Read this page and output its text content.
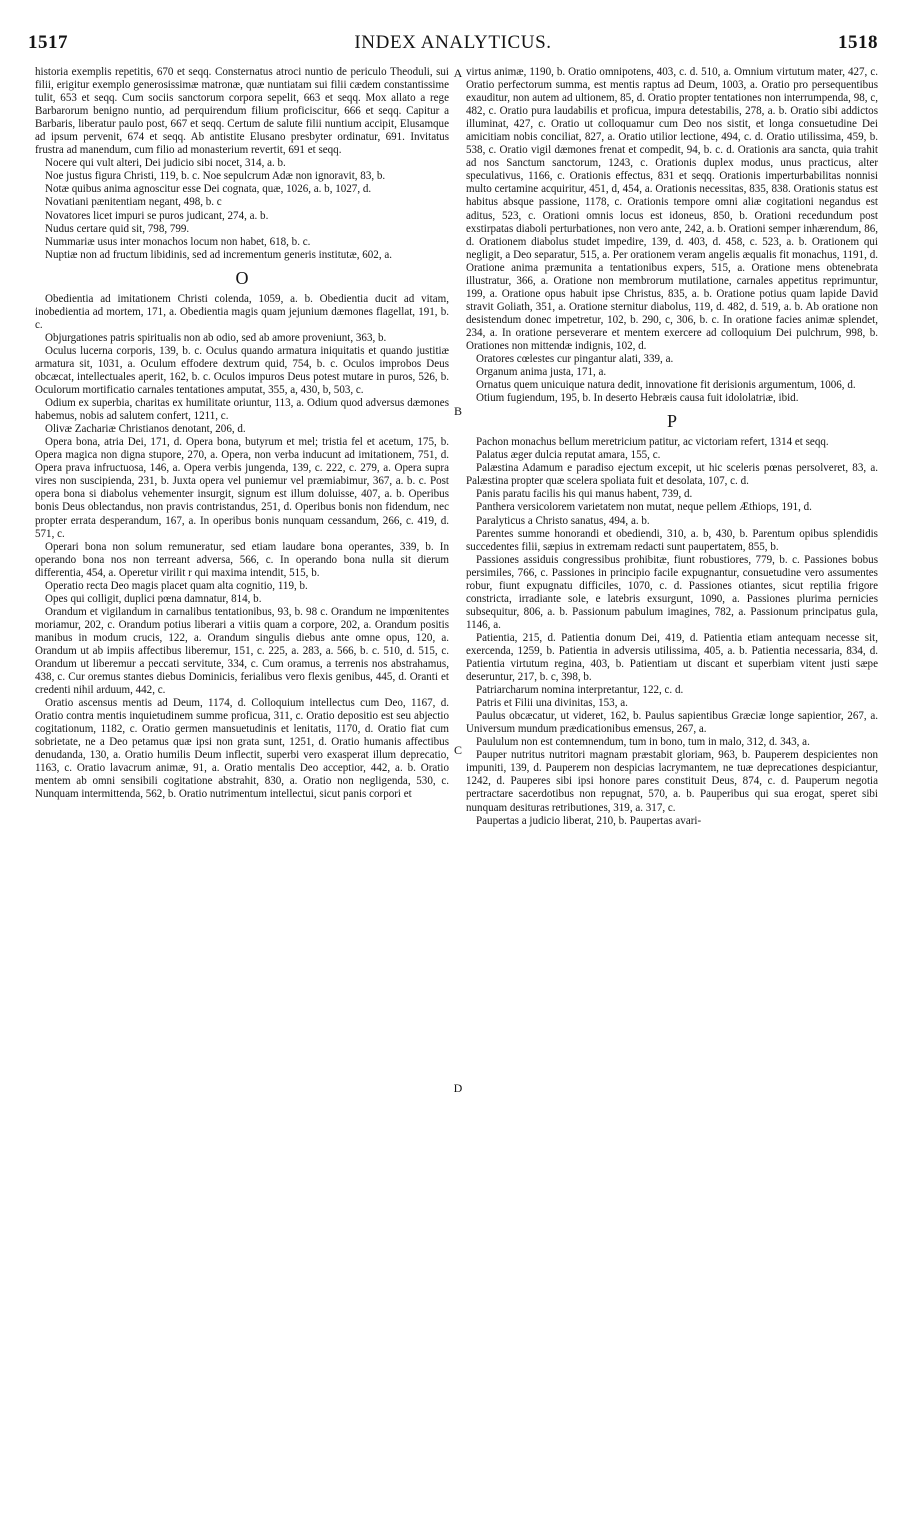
1517	INDEX ANALYTICUS.	1518
A
B
C
D

historia exemplis repetitis, 670 et seqq. Consternatus atroci nuntio de periculo Theoduli, sui filii, erigitur exemplo generosissimæ matronæ, quæ nuntiatam sui filii cædem constantissime tulit, 653 et seqq. Cum sociis sanctorum corpora sepelit, 663 et seqq. Mox allato a rege Barbarorum benigno nuntio, ad perquirendum filium proficiscitur, 666 et seqq. Capitur a Barbaris, liberatur paulo post, 667 et seqq. Certum de salute filii nuntium accipit, Elusamque ad ipsum pervenit, 674 et seqq. Ab antistite Elusano presbyter ordinatur, 691. Invitatus frustra ad manendum, cum filio ad monasterium revertit, 691 et seqq.

Nocere qui vult alteri, Dei judicio sibi nocet, 314, a. b.

Noe justus figura Christi, 119, b. c. Noe sepulcrum Adæ non ignoravit, 83, b.

Notæ quibus anima agnoscitur esse Dei cognata, quæ, 1026, a. b, 1027, d.

Novatiani pænitentiam negant, 498, b. c

Novatores licet impuri se puros judicant, 274, a. b.

Nudus certare quid sit, 798, 799.

Nummariæ usus inter monachos locum non habet, 618, b. c.

Nuptiæ non ad fructum libidinis, sed ad incrementum generis institutæ, 602, a.

O

Obedientia ad imitationem Christi colenda, 1059, a. b. Obedientia ducit ad vitam, inobedientia ad mortem, 171, a. Obedientia magis quam jejunium dæmones flagellat, 191, b. c.

Objurgationes patris spiritualis non ab odio, sed ab amore proveniunt, 363, b.

Oculus lucerna corporis, 139, b. c. Oculus quando armatura iniquitatis et quando justitiæ armatura sit, 1031, a. Oculum effodere dextrum quid, 754, b. c. Oculos improbos Deus obcæcat, intellectuales aperit, 162, b. c. Oculos impuros Deus potest mutare in puros, 526, b. Oculorum mortificatio carnales tentationes amputat, 355, a, 430, b, 503, c.

Odium ex superbia, charitas ex humilitate oriuntur, 113, a. Odium quod adversus dæmones habemus, nobis ad salutem confert, 1211, c.

Olivæ Zachariæ Christianos denotant, 206, d.

Opera bona, atria Dei, 171, d. Opera bona, butyrum et mel; tristia fel et acetum, 175, b. Opera magica non digna stupore, 270, a. Opera, non verba inducunt ad imitationem, 751, d. Opera prava infructuosa, 146, a. Opera verbis jungenda, 139, c. 222, c. 279, a. Opera supra vires non suscipienda, 231, b. Juxta opera vel puniemur vel præmiabimur, 367, a. b. c. Post opera bona si diabolus vehementer insurgit, signum est illum doluisse, 407, a. b. Operibus bonis Deus oblectandus, non pravis contristandus, 251, d. Operibus bonis non fidendum, nec propter errata desperandum, 167, a. In operibus bonis nunquam cessandum, 266, c. 419, d. 571, c.

Operari bona non solum remuneratur, sed etiam laudare bona operantes, 339, b. In operando bona nos non terreant adversa, 566, c. In operando bona nulla sit dierum differentia, 454, a. Operetur virilit r qui maxima intendit, 515, b.

Operatio recta Deo magis placet quam alta cognitio, 119, b.

Opes qui colligit, duplici pœna damnatur, 814, b.

Orandum et vigilandum in carnalibus tentationibus, 93, b. 98 c. Orandum ne impœnitentes moriamur, 202, c. Orandum potius liberari a vitiis quam a corpore, 202, a. Orandum positis manibus in modum crucis, 122, a. Orandum singulis diebus ante omne opus, 120, a. Orandum ut ab impiis affectibus liberemur, 151, c. 225, a. 283, a. 566, b. c. 510, d. 515, c. Orandum ut liberemur a peccati servitute, 334, c. Cum oramus, a terrenis nos abstrahamus, 438, c. Cur oremus stantes diebus Dominicis, ferialibus vero flexis genibus, 445, d. Oranti et credenti nihil arduum, 442, c.

Oratio ascensus mentis ad Deum, 1174, d. Colloquium intellectus cum Deo, 1167, d. Oratio contra mentis inquietudinem summe proficua, 311, c. Oratio depositio est seu abjectio cogitationum, 1182, c. Oratio germen mansuetudinis et lenitatis, 1170, d. Oratio fiat cum sobrietate, ne a Deo petamus quæ ipsi non grata sunt, 1251, d. Oratio humanis affectibus denudanda, 130, a. Oratio humilis Deum inflectit, superbi vero exasperat illum deprecatio, 1163, c. Oratio lavacrum animæ, 91, a. Oratio mentalis Deo acceptior, 442, a. b. Oratio mentem ab omni sensibili cogitatione abstrahit, 830, a. Oratio non negligenda, 530, c. Nunquam intermittenda, 562, b. Oratio nutrimentum intellectui, sicut panis corpori et

virtus animæ, 1190, b. Oratio omnipotens, 403, c. d. 510, a. Omnium virtutum mater, 427, c. Oratio perfectorum summa, est mentis raptus ad Deum, 1003, a. Oratio pro persequentibus exauditur, non autem ad ultionem, 85, d. Oratio propter tentationes non interrumpenda, 98, c, 482, c. Oratio pura laudabilis et proficua, impura detestabilis, 278, a. b. Oratio sibi addictos illuminat, 427, c. Oratio ut colloquamur cum Deo nos sistit, et longa consuetudine Dei amicitiam nobis conciliat, 827, a. Oratio utilior lectione, 494, c. d. Oratio utilissima, 459, b. 538, c. Oratio vigil dæmones frenat et compedit, 94, b. c. d. Orationis ara sancta, quia trahit ad nos Sanctum sanctorum, 1243, c. Orationis duplex modus, unus practicus, alter speculativus, 1166, c. Orationis effectus, 831 et seqq. Orationis imperturbabilitas nonnisi multo certamine acquiritur, 451, d, 454, a. Orationis necessitas, 835, 838. Orationis status est habitus absque passione, 1178, c. Orationis tempore omni aliæ cogitationi negandus est aditus, 523, c. Orationi omnis locus est idoneus, 850, b. Orationi recedundum post exstirpatas diaboli perturbationes, non vero ante, 242, a. b. Orationi semper inhærendum, 86, d. Orationem diabolus studet impedire, 139, d. 403, d. 458, c. 523, a. b. Orationem qui negligit, a Deo separatur, 515, a. Per orationem veram angelis æqualis fit monachus, 1191, d. Oratione anima præmunita a tentationibus expers, 515, a. Oratione mens obtenebrata illustratur, 366, a. Oratione non membrorum mutilatione, carnales appetitus reprimuntur, 199, a. Oratione opus habuit ipse Christus, 835, a. b. Oratione potius quam lapide David stravit Goliath, 351, a. Oratione sternitur diabolus, 119, d. 482, d. 519, a. b. Ab oratione non desistendum donec impetretur, 102, b. 290, c, 306, b. c. In oratione facies animæ splendet, 234, a. In oratione perseverare et mentem exercere ad colloquium Dei pulchrum, 998, b. Orationes non mittendæ indignis, 102, d.

Oratores cœlestes cur pingantur alati, 339, a.

Organum anima justa, 171, a.

Ornatus quem unicuique natura dedit, innovatione fit derisionis argumentum, 1006, d.

Otium fugiendum, 195, b. In deserto Hebræis causa fuit idololatriæ, ibid.

P

Pachon monachus bellum meretricium patitur, ac victoriam refert, 1314 et seqq.

Palatus æger dulcia reputat amara, 155, c.

Palæstina Adamum e paradiso ejectum excepit, ut hic sceleris pœnas persolveret, 83, a. Palæstina propter quæ scelera spoliata fuit et desolata, 107, c. d.

Panis paratu facilis his qui manus habent, 739, d.

Panthera versicolorem varietatem non mutat, neque pellem Æthiops, 191, d.

Paralyticus a Christo sanatus, 494, a. b.

Parentes summe honorandi et obediendi, 310, a. b, 430, b. Parentum opibus splendidis succedentes filii, sæpius in extremam redacti sunt paupertatem, 855, b.

Passiones assiduis congressibus prohibitæ, fiunt robustiores, 779, b. c. Passiones bobus persimiles, 766, c. Passiones in principio facile expugnantur, consuetudine vero assumentes robur, fiunt expugnatu difficiles, 1070, c. d. Passiones otiantes, sicut reptilia frigore constricta, irradiante sole, e latebris exsurgunt, 1090, a. Passiones plurima pernicies subsequitur, 806, a. b. Passionum pabulum imagines, 782, a. Passionum principatus gula, 1146, a.

Patientia, 215, d. Patientia donum Dei, 419, d. Patientia etiam antequam necesse sit, exercenda, 1259, b. Patientia in adversis utilissima, 405, a. b. Patientia necessaria, 834, d. Patientia virtutum regina, 403, b. Patientiam ut discant et superbiam vitent justi sæpe deseruntur, 217, b. c, 398, b.

Patriarcharum nomina interpretantur, 122, c. d.

Patris et Filii una divinitas, 153, a.

Paulus obcæcatur, ut videret, 162, b. Paulus sapientibus Græciæ longe sapientior, 267, a. Universum mundum prædicationibus emensus, 267, a.

Paululum non est contemnendum, tum in bono, tum in malo, 312, d. 343, a.

Pauper nutritus nutritori magnam præstabit gloriam, 963, b. Pauperem despicientes non impuniti, 139, d. Pauperem non despicias lacrymantem, ne tuæ deprecationes despiciantur, 1242, d. Pauperes sibi ipsi honore pares constituit Deus, 874, c. d. Pauperum negotia pertractare sacerdotibus non repugnat, 570, a. b. Pauperibus qui sua erogat, speret sibi nunquam desituras retributiones, 319, a. 317, c.

Paupertas a judicio liberat, 210, b. Paupertas avari-
